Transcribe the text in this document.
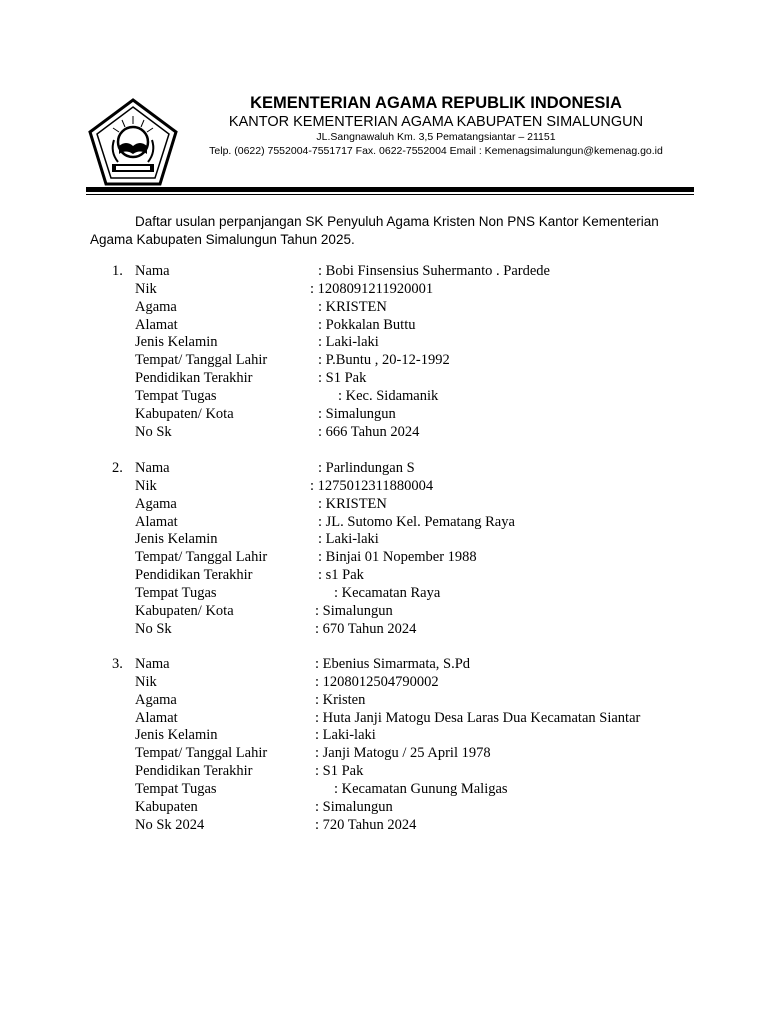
KEMENTERIAN AGAMA REPUBLIK INDONESIA
KANTOR KEMENTERIAN AGAMA KABUPATEN SIMALUNGUN
JL.Sangnawaluh Km. 3,5 Pematangsiantar – 21151
Telp. (0622) 7552004-7551717 Fax. 0622-7552004 Email : Kemenagsimalungun@kemenag.go.id
Daftar usulan perpanjangan SK Penyuluh Agama Kristen Non PNS Kantor Kementerian
Agama Kabupaten Simalungun Tahun 2025.
1. Nama	: Bobi Finsensius Suhermanto . Pardede
Nik	: 1208091211920001
Agama	: KRISTEN
Alamat	: Pokkalan Buttu
Jenis Kelamin	: Laki-laki
Tempat/ Tanggal Lahir	: P.Buntu , 20-12-1992
Pendidikan Terakhir	: S1 Pak
Tempat Tugas	: Kec. Sidamanik
Kabupaten/ Kota	: Simalungun
No Sk	: 666 Tahun 2024
2. Nama	: Parlindungan S
Nik	: 1275012311880004
Agama	: KRISTEN
Alamat	: JL. Sutomo Kel. Pematang Raya
Jenis Kelamin	: Laki-laki
Tempat/ Tanggal Lahir	: Binjai 01 Nopember 1988
Pendidikan Terakhir	: s1 Pak
Tempat Tugas	: Kecamatan Raya
Kabupaten/ Kota	: Simalungun
No Sk	: 670 Tahun 2024
3. Nama	: Ebenius Simarmata, S.Pd
Nik	: 1208012504790002
Agama	: Kristen
Alamat	: Huta Janji Matogu Desa Laras Dua Kecamatan Siantar
Jenis Kelamin	: Laki-laki
Tempat/ Tanggal Lahir	: Janji Matogu / 25 April 1978
Pendidikan Terakhir	: S1 Pak
Tempat Tugas	: Kecamatan Gunung Maligas
Kabupaten	: Simalungun
No Sk 2024	: 720 Tahun 2024
